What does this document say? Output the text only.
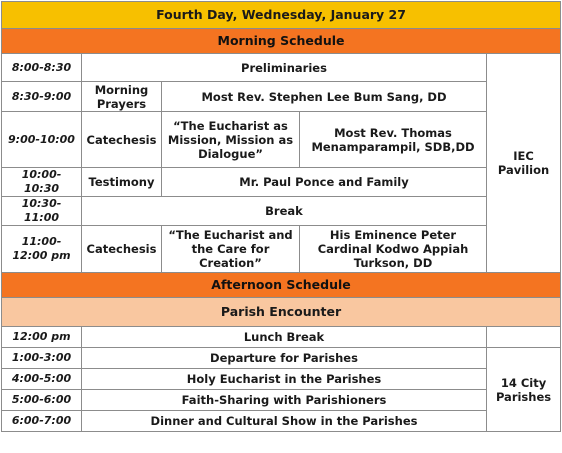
Fourth Day, Wednesday, January 27				
Morning Schedule				
8:00-8:30	Preliminaries			IEC Pavilion
8:30-9:00	Morning Prayers	Most Rev. Stephen Lee Bum Sang, DD		
9:00-10:00	Catechesis	“The Eucharist as Mission, Mission as Dialogue”	Most Rev. Thomas Menamparampil, SDB,DD	
10:00-10:30	Testimony	Mr. Paul Ponce and Family		
10:30-11:00	Break			
11:00- 12:00 pm	Catechesis	“The Eucharist and the Care for Creation”	His Eminence Peter Cardinal Kodwo Appiah Turkson, DD	
Afternoon Schedule				
Parish Encounter				
12:00 pm	Lunch Break			
1:00-3:00	Departure for Parishes			14 City Parishes
4:00-5:00	Holy Eucharist in the Parishes			
5:00-6:00	Faith-Sharing with Parishioners			
6:00-7:00	Dinner and Cultural Show in the Parishes			
